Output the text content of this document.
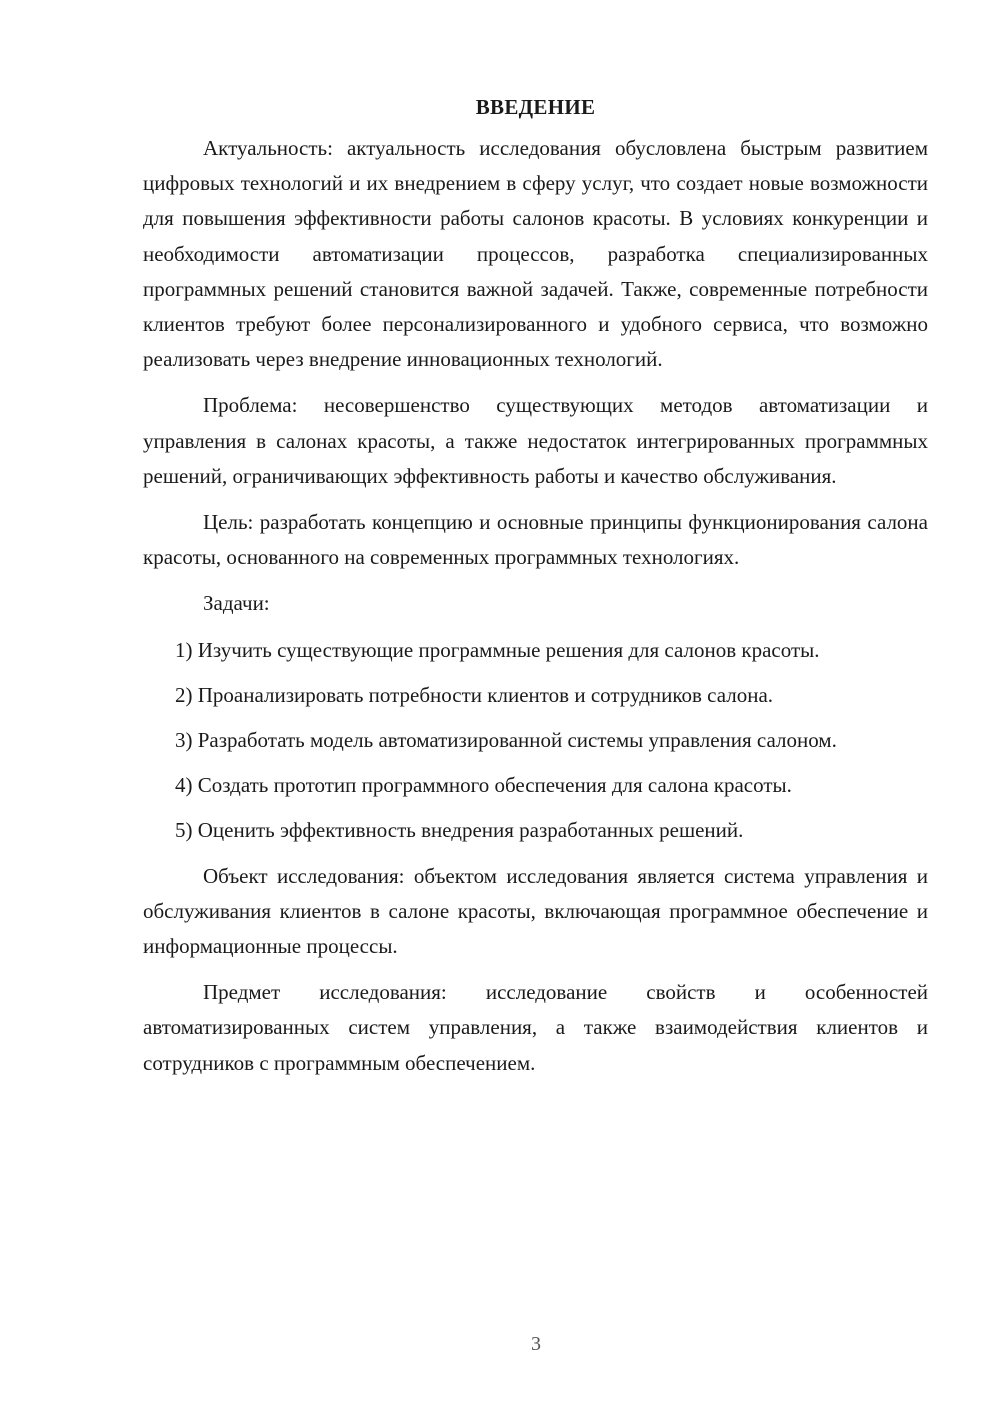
ВВЕДЕНИЕ

Актуальность: актуальность исследования обусловлена быстрым развитием цифровых технологий и их внедрением в сферу услуг, что создает новые возможности для повышения эффективности работы салонов красоты. В условиях конкуренции и необходимости автоматизации процессов, разработка специализированных программных решений становится важной задачей. Также, современные потребности клиентов требуют более персонализированного и удобного сервиса, что возможно реализовать через внедрение инновационных технологий.

Проблема: несовершенство существующих методов автоматизации и управления в салонах красоты, а также недостаток интегрированных программных решений, ограничивающих эффективность работы и качество обслуживания.

Цель: разработать концепцию и основные принципы функционирования салона красоты, основанного на современных программных технологиях.

Задачи:

1) Изучить существующие программные решения для салонов красоты.

2) Проанализировать потребности клиентов и сотрудников салона.

3) Разработать модель автоматизированной системы управления салоном.

4) Создать прототип программного обеспечения для салона красоты.

5) Оценить эффективность внедрения разработанных решений.

Объект исследования: объектом исследования является система управления и обслуживания клиентов в салоне красоты, включающая программное обеспечение и информационные процессы.

Предмет исследования: исследование свойств и особенностей автоматизированных систем управления, а также взаимодействия клиентов и сотрудников с программным обеспечением.

3
